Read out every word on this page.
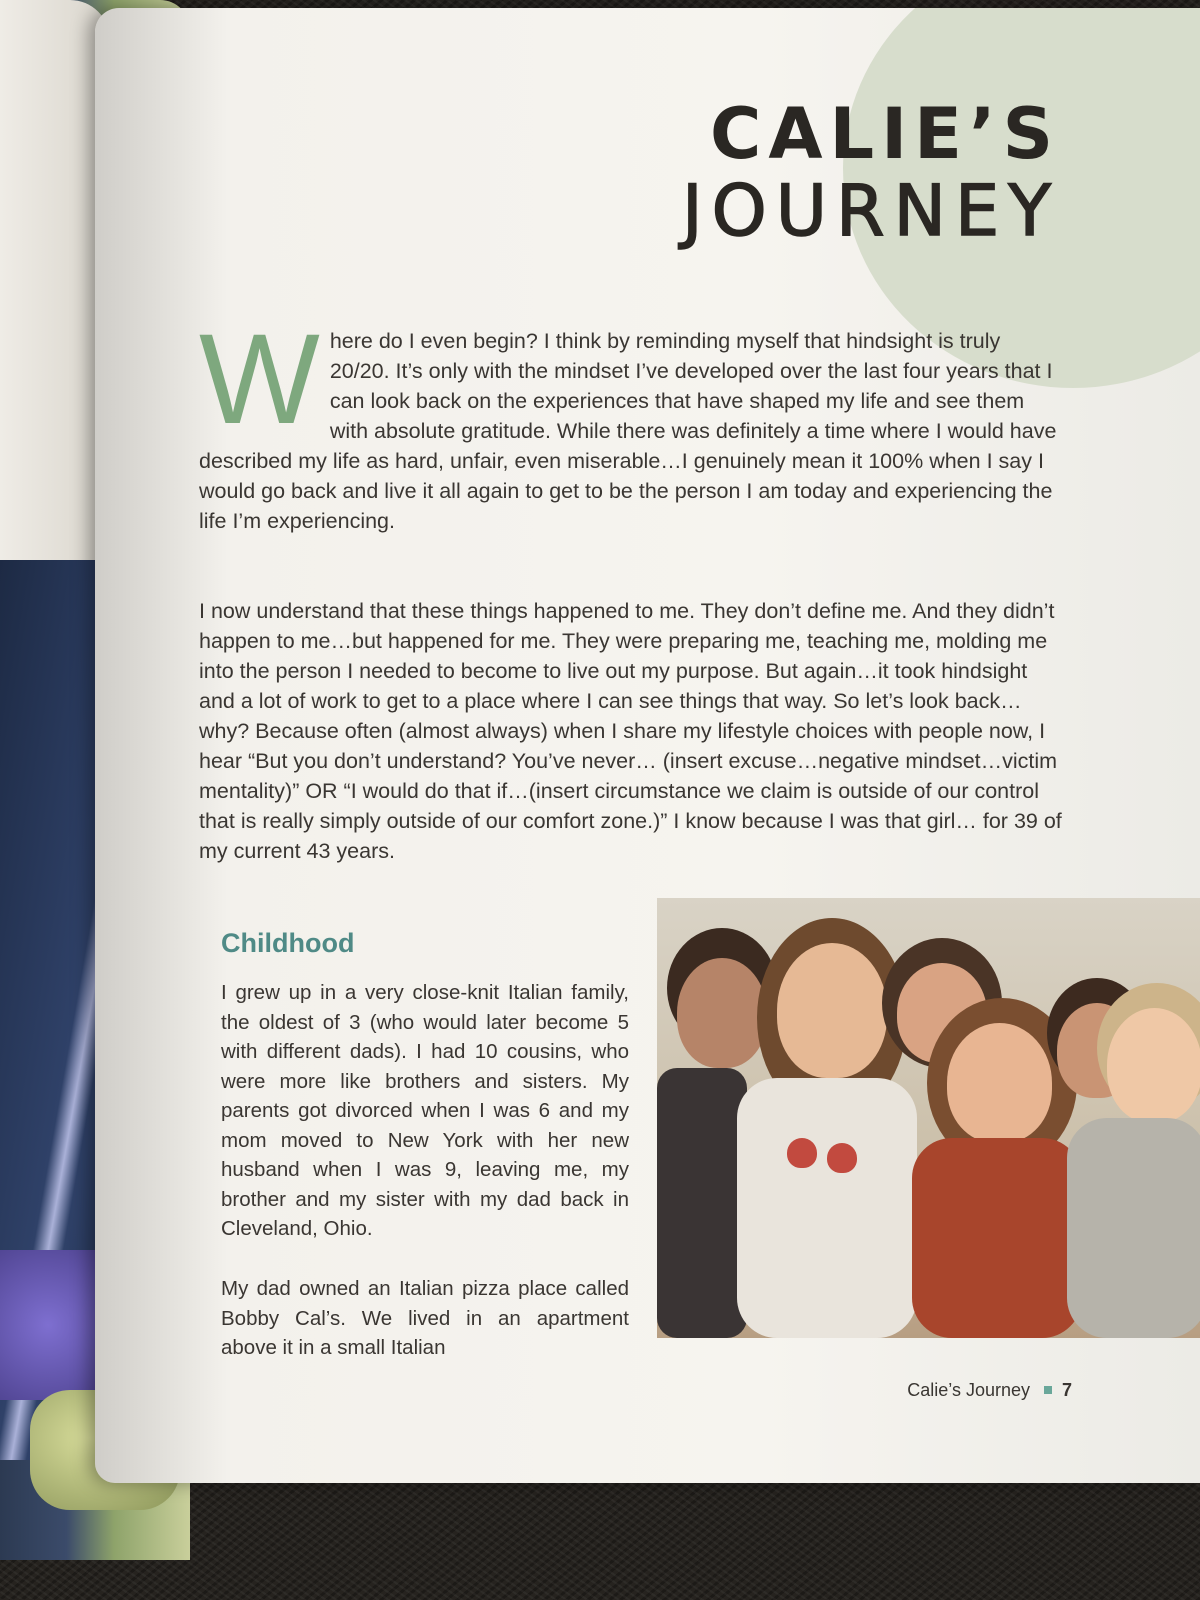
CALIE’S
JOURNEY
Where do I even begin? I think by reminding myself that hindsight is truly 20/20. It’s only with the mindset I’ve developed over the last four years that I can look back on the experiences that have shaped my life and see them with absolute gratitude. While there was definitely a time where I would have described my life as hard, unfair, even miserable…I genuinely mean it 100% when I say I would go back and live it all again to get to be the person I am today and experiencing the life I’m experiencing.
I now understand that these things happened to me. They don’t define me. And they didn’t happen to me…but happened for me. They were preparing me, teaching me, molding me into the person I needed to become to live out my purpose. But again…it took hindsight and a lot of work to get to a place where I can see things that way. So let’s look back…why? Because often (almost always) when I share my lifestyle choices with people now, I hear “But you don’t understand? You’ve never… (insert excuse…negative mindset…victim mentality)” OR “I would do that if…(insert circumstance we claim is outside of our control that is really simply outside of our comfort zone.)” I know because I was that girl… for 39 of my current 43 years.
Childhood

I grew up in a very close-knit Italian family, the oldest of 3 (who would later become 5 with different dads). I had 10 cousins, who were more like brothers and sisters. My parents got divorced when I was 6 and my mom moved to New York with her new husband when I was 9, leaving me, my brother and my sister with my dad back in Cleveland, Ohio.

My dad owned an Italian pizza place called Bobby Cal’s. We lived in an apartment above it in a small Italian

Calie’s Journey 7
